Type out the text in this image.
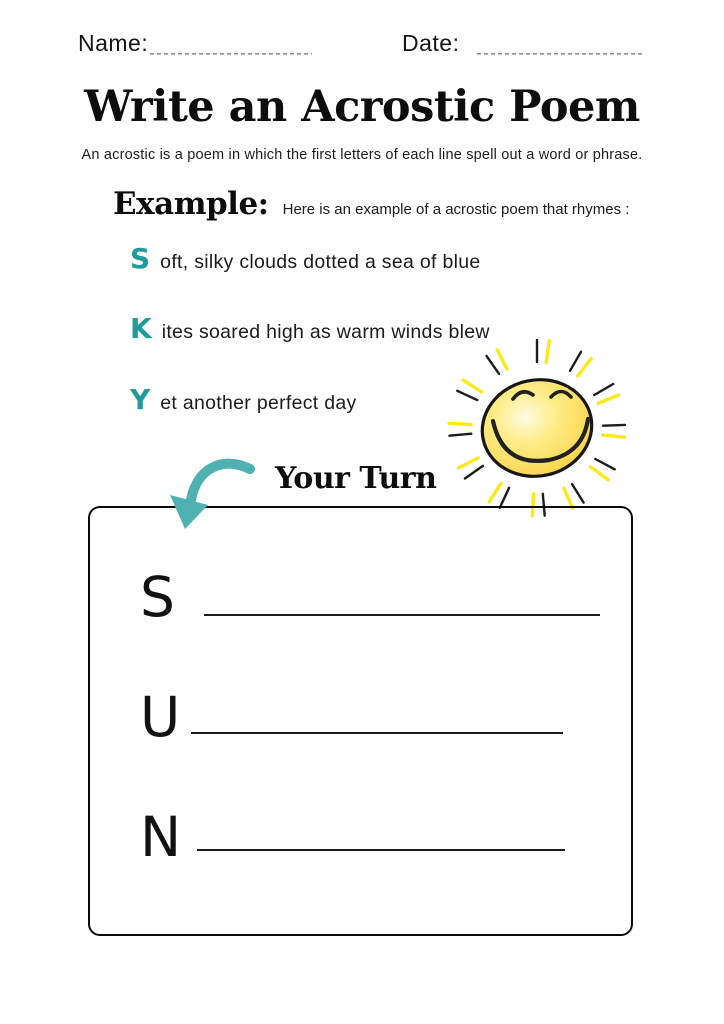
Name:	Date:
Write an Acrostic Poem

An acrostic is a poem in which the first letters of each line spell out a word or phrase.

Example: Here is an example of a acrostic poem that rhymes :
S oft, silky clouds dotted a sea of blue
K ites soared high as warm winds blew
Y et another perfect day
Your Turn
S
U
N
